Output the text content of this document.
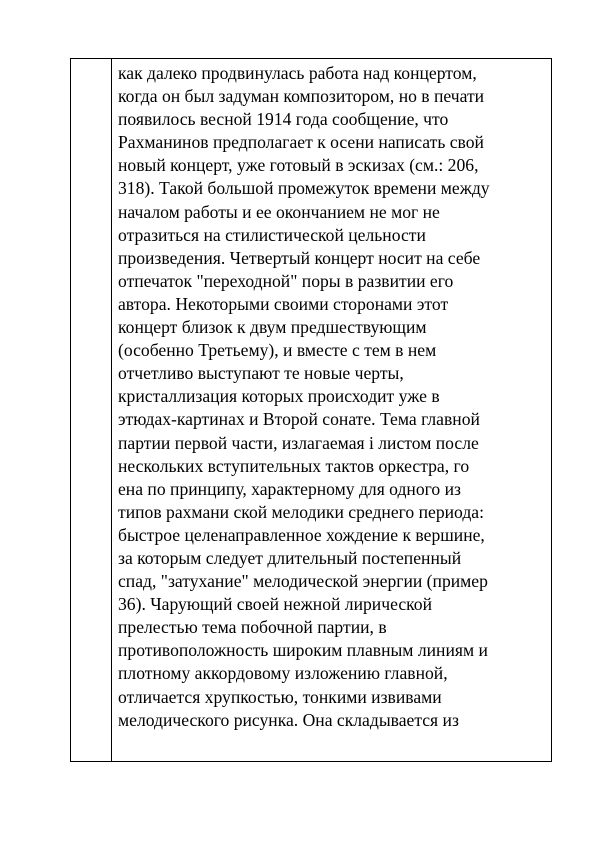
как далеко продвинулась работа над концертом,
когда он был задуман композитором, но в печати
появилось весной 1914 года сообщение, что
Рахманинов предполагает к осени написать свой
новый концерт, уже готовый в эскизах (см.: 206,
318). Такой большой промежуток времени между
началом работы и ее окончанием не мог не
отразиться на стилистической цельности
произведения. Четвертый концерт носит на себе
отпечаток "переходной" поры в развитии его
автора. Некоторыми своими сторонами этот
концерт близок к двум предшествующим
(особенно Третьему), и вместе с тем в нем
отчетливо выступают те новые черты,
кристаллизация которых происходит уже в
этюдах-картинах и Второй сонате. Тема главной
партии первой части, излагаемая і листом после
нескольких вступительных тактов оркестра, го
ена по принципу, характерному для одного из
типов рахмани ской мелодики среднего периода:
быстрое целенаправленное хождение к вершине,
за которым следует длительный постепенный
спад, "затухание" мелодической энергии (пример
36). Чарующий своей нежной лирической
прелестью тема побочной партии, в
противоположность широким плавным линиям и
плотному аккордовому изложению главной,
отличается хрупкостью, тонкими извивами
мелодического рисунка. Она складывается из
